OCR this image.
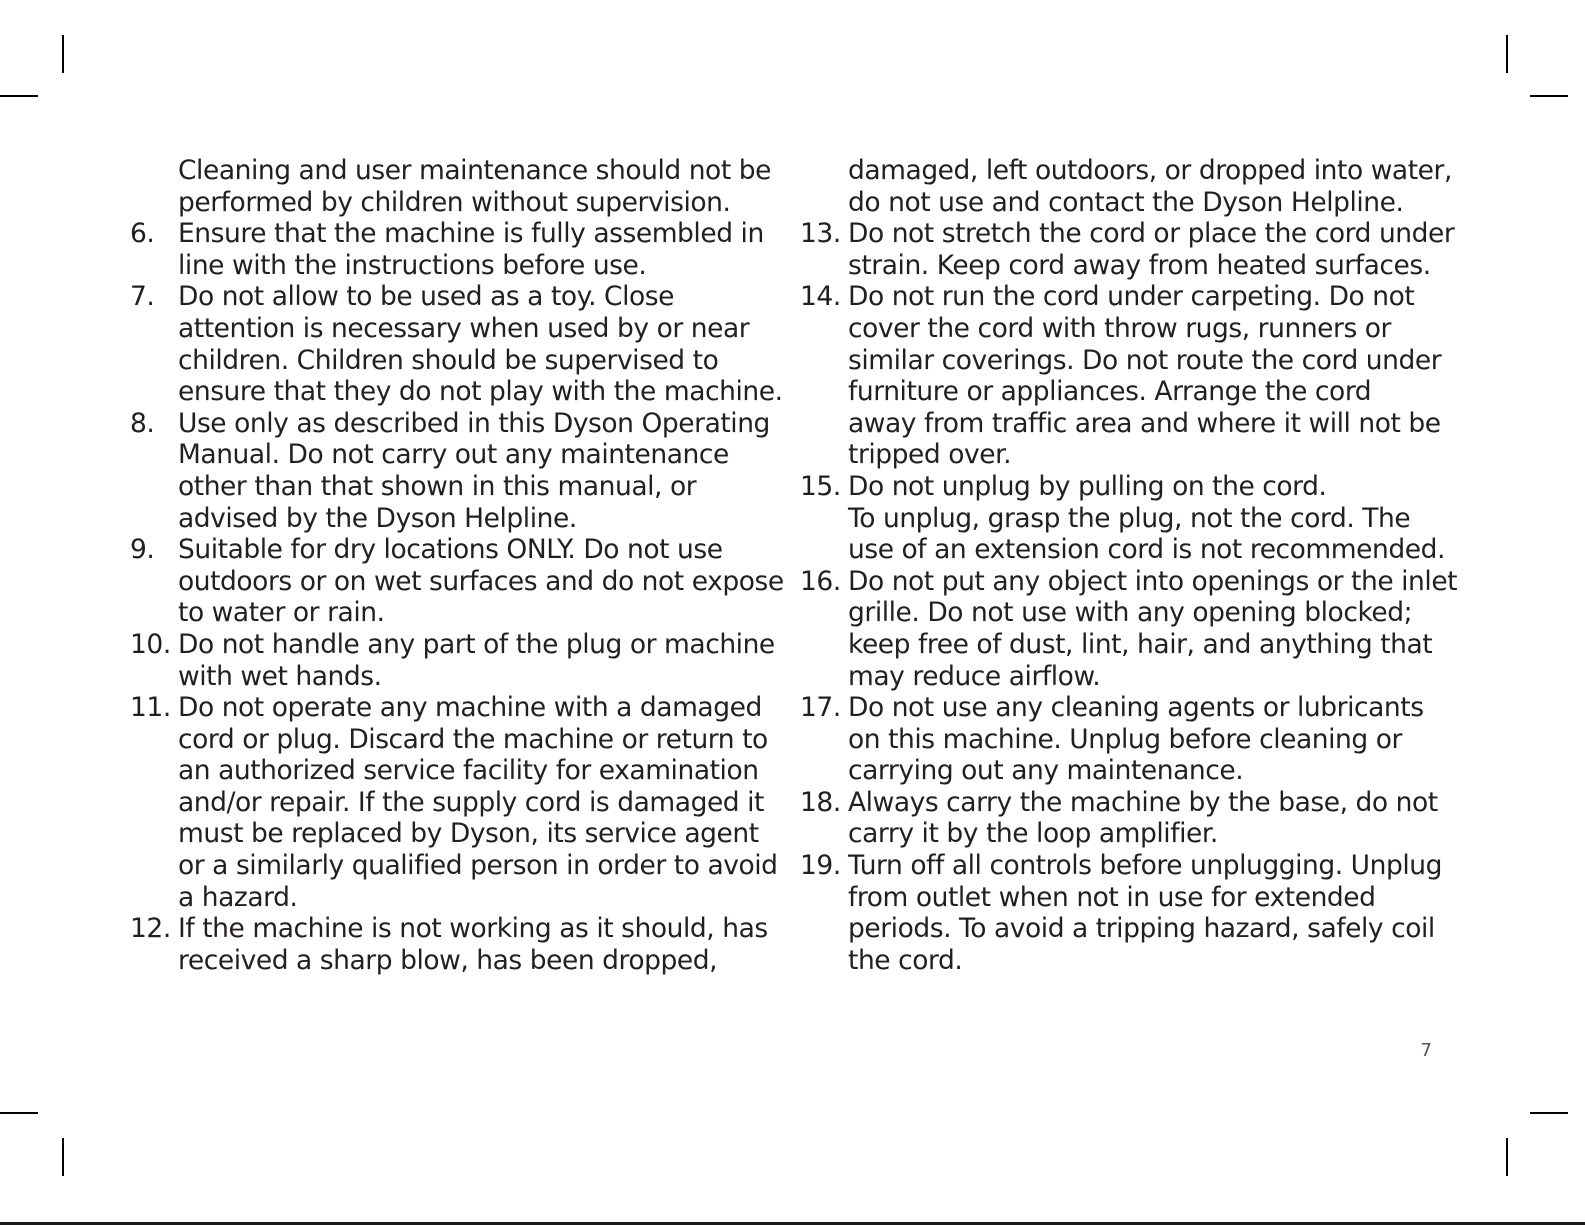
Cleaning and user maintenance should not be
performed by children without supervision.
6. Ensure that the machine is fully assembled in
line with the instructions before use.
7. Do not allow to be used as a toy. Close
attention is necessary when used by or near
children. Children should be supervised to
ensure that they do not play with the machine.
8. Use only as described in this Dyson Operating
Manual. Do not carry out any maintenance
other than that shown in this manual, or
advised by the Dyson Helpline.
9. Suitable for dry locations ONLY. Do not use
outdoors or on wet surfaces and do not expose
to water or rain.
10. Do not handle any part of the plug or machine
with wet hands.
11. Do not operate any machine with a damaged
cord or plug. Discard the machine or return to
an authorized service facility for examination
and/or repair. If the supply cord is damaged it
must be replaced by Dyson, its service agent
or a similarly qualified person in order to avoid
a hazard.
12. If the machine is not working as it should, has
received a sharp blow, has been dropped,
damaged, left outdoors, or dropped into water,
do not use and contact the Dyson Helpline.
13. Do not stretch the cord or place the cord under
strain. Keep cord away from heated surfaces.
14. Do not run the cord under carpeting. Do not
cover the cord with throw rugs, runners or
similar coverings. Do not route the cord under
furniture or appliances. Arrange the cord
away from traffic area and where it will not be
tripped over.
15. Do not unplug by pulling on the cord.
To unplug, grasp the plug, not the cord. The
use of an extension cord is not recommended.
16. Do not put any object into openings or the inlet
grille. Do not use with any opening blocked;
keep free of dust, lint, hair, and anything that
may reduce airflow.
17. Do not use any cleaning agents or lubricants
on this machine. Unplug before cleaning or
carrying out any maintenance.
18. Always carry the machine by the base, do not
carry it by the loop amplifier.
19. Turn off all controls before unplugging. Unplug
from outlet when not in use for extended
periods. To avoid a tripping hazard, safely coil
the cord.
7
